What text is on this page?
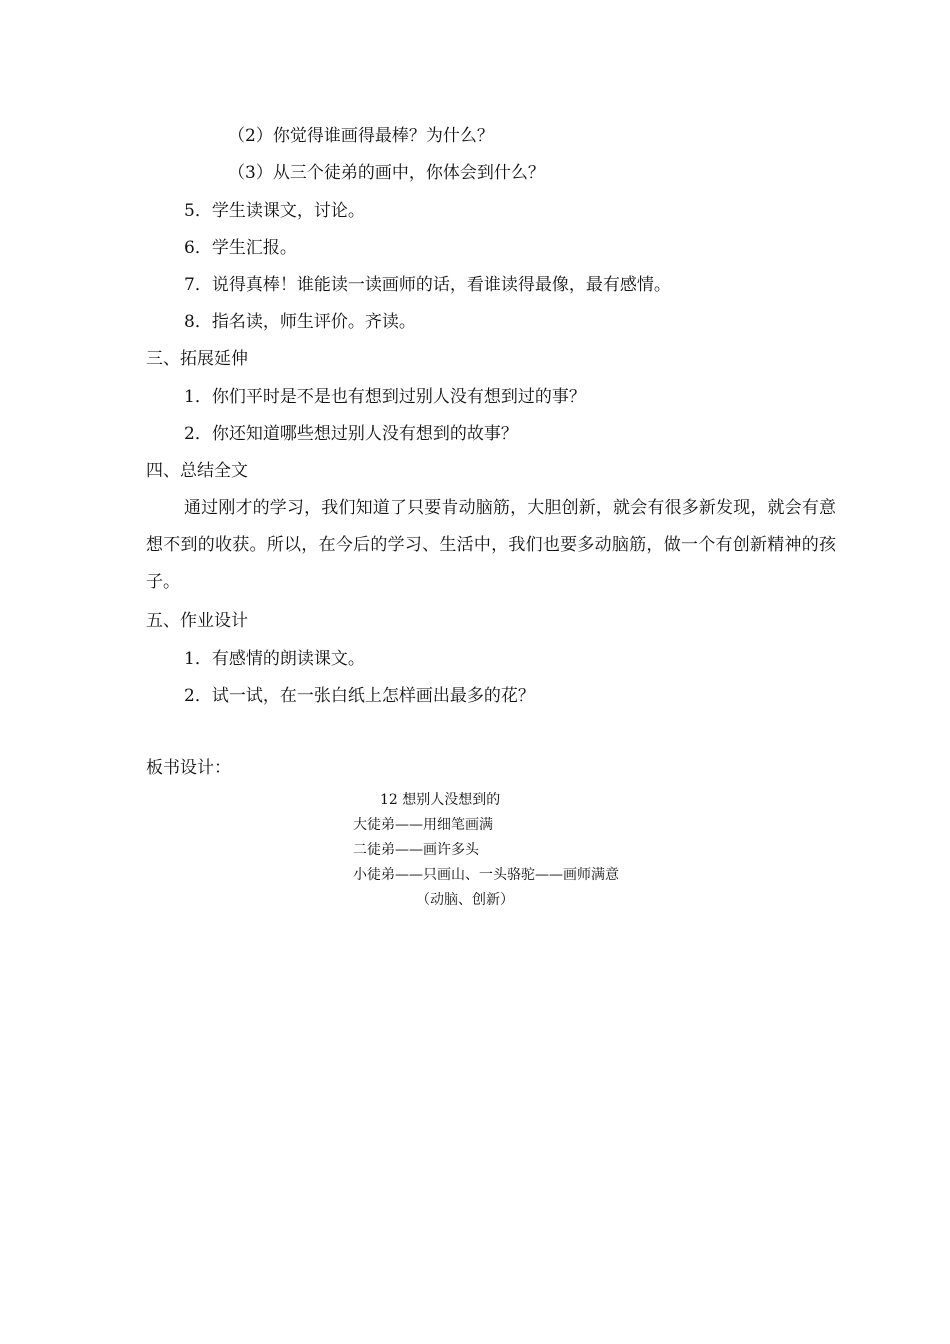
（2）你觉得谁画得最棒？为什么？
（3）从三个徒弟的画中，你体会到什么？
5．学生读课文，讨论。
6．学生汇报。
7．说得真棒！谁能读一读画师的话，看谁读得最像，最有感情。
8．指名读，师生评价。齐读。
三、拓展延伸
1．你们平时是不是也有想到过别人没有想到过的事？
2．你还知道哪些想过别人没有想到的故事？
四、总结全文
通过刚才的学习，我们知道了只要肯动脑筋，大胆创新，就会有很多新发现，就会有意想不到的收获。所以，在今后的学习、生活中，我们也要多动脑筋，做一个有创新精神的孩子。
五、作业设计
1．有感情的朗读课文。
2．试一试，在一张白纸上怎样画出最多的花？
板书设计：
12 想别人没想到的
大徒弟——用细笔画满
二徒弟——画许多头
小徒弟——只画山、一头骆驼——画师满意
（动脑、创新）
